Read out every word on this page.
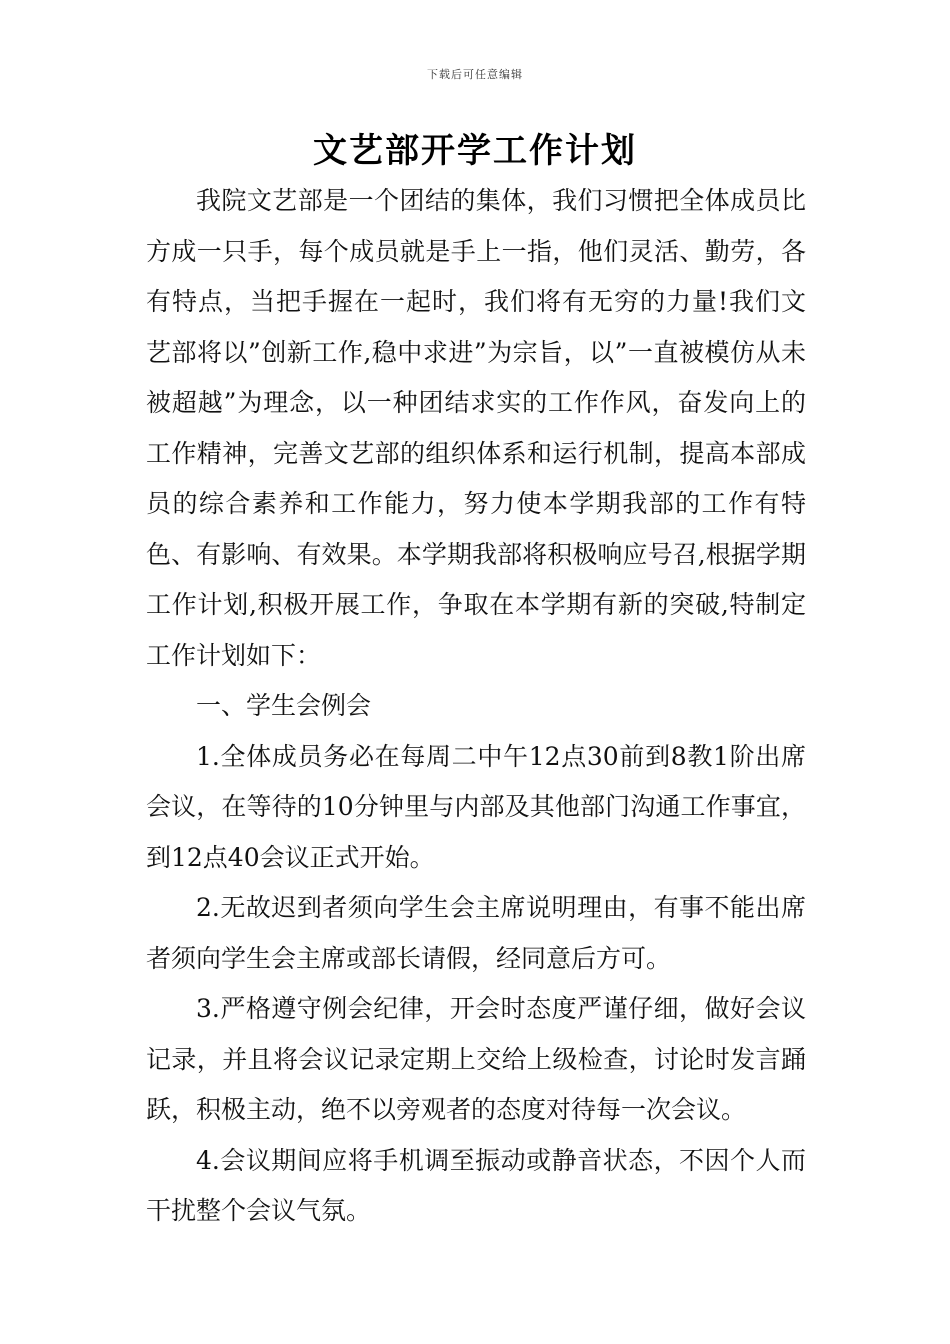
下载后可任意编辑
文艺部开学工作计划

我院文艺部是一个团结的集体，我们习惯把全体成员比方成一只手，每个成员就是手上一指，他们灵活、勤劳，各有特点，当把手握在一起时，我们将有无穷的力量!我们文艺部将以”创新工作,稳中求进”为宗旨，以”一直被模仿从未被超越”为理念，以一种团结求实的工作作风，奋发向上的工作精神，完善文艺部的组织体系和运行机制，提高本部成员的综合素养和工作能力，努力使本学期我部的工作有特色、有影响、有效果。本学期我部将积极响应号召,根据学期工作计划,积极开展工作，争取在本学期有新的突破,特制定工作计划如下：

一、学生会例会

1.全体成员务必在每周二中午12点30前到8教1阶出席会议，在等待的10分钟里与内部及其他部门沟通工作事宜，到12点40会议正式开始。

2.无故迟到者须向学生会主席说明理由，有事不能出席者须向学生会主席或部长请假，经同意后方可。

3.严格遵守例会纪律，开会时态度严谨仔细，做好会议记录，并且将会议记录定期上交给上级检查，讨论时发言踊跃，积极主动，绝不以旁观者的态度对待每一次会议。

4.会议期间应将手机调至振动或静音状态，不因个人而干扰整个会议气氛。
